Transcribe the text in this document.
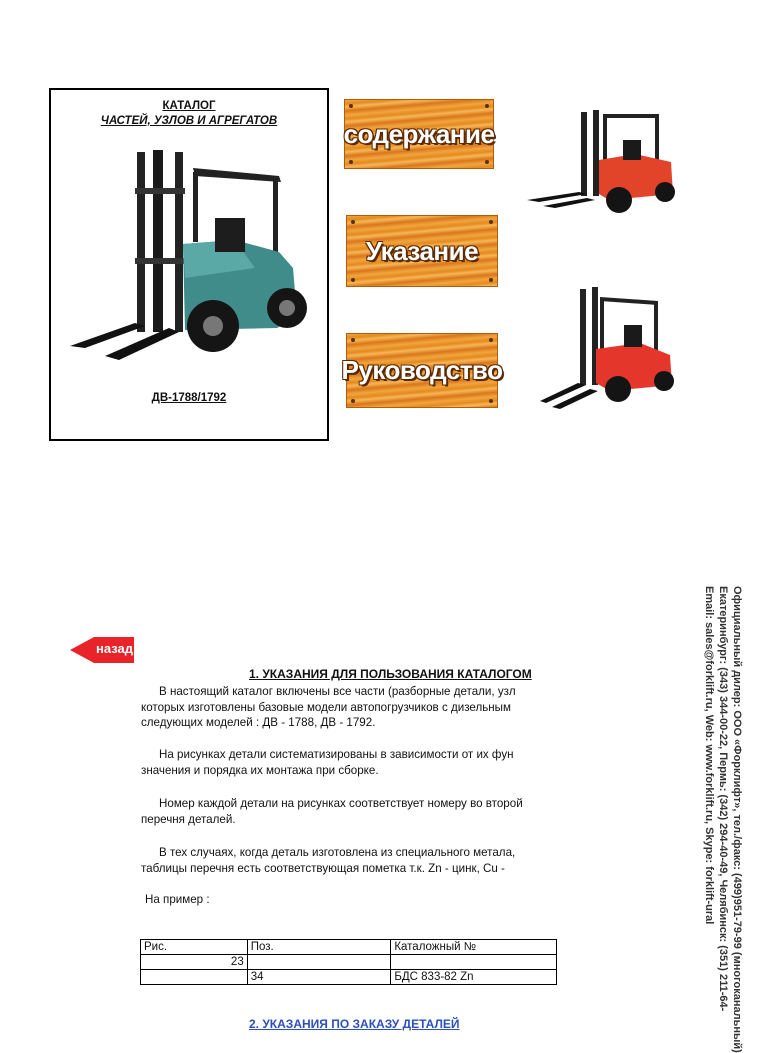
КАТАЛОГ
ЧАСТЕЙ, УЗЛОВ И АГРЕГАТОВ
ДВ-1788/1792
содержание
Указание
Руководство
назад
1. УКАЗАНИЯ ДЛЯ ПОЛЬЗОВАНИЯ КАТАЛОГОМ
В настоящий каталог включены все части (разборные детали, узл
которых изготовлены базовые модели автопогрузчиков с дизельным
следующих моделей : ДВ - 1788, ДВ - 1792.
На рисунках детали систематизированы в зависимости от их фун
значения и порядка их монтажа при сборке.
Номер каждой детали на рисунках соответствует номеру во второй
перечня деталей.
В тех случаях, когда деталь изготовлена из специального метала,
таблицы перечня есть соответствующая пометка т.к. Zn - цинк, Cu -
На пример :
Рис.	Поз.	Каталожный №
23		
	34	БДС 833-82 Zn	Официальный дилер: ООО «Форклифт», тел./факс: (499)951-79-99 (многоканальный)
Екатеринбург: (343) 344-00-22, Пермь: (342) 294-40-49, Челябинск: (351) 211-64-
Email: sales@forklift.ru, Web: www.forklift.ru, Skype: forklift-ural
2. УКАЗАНИЯ ПО ЗАКАЗУ ДЕТАЛЕЙ
